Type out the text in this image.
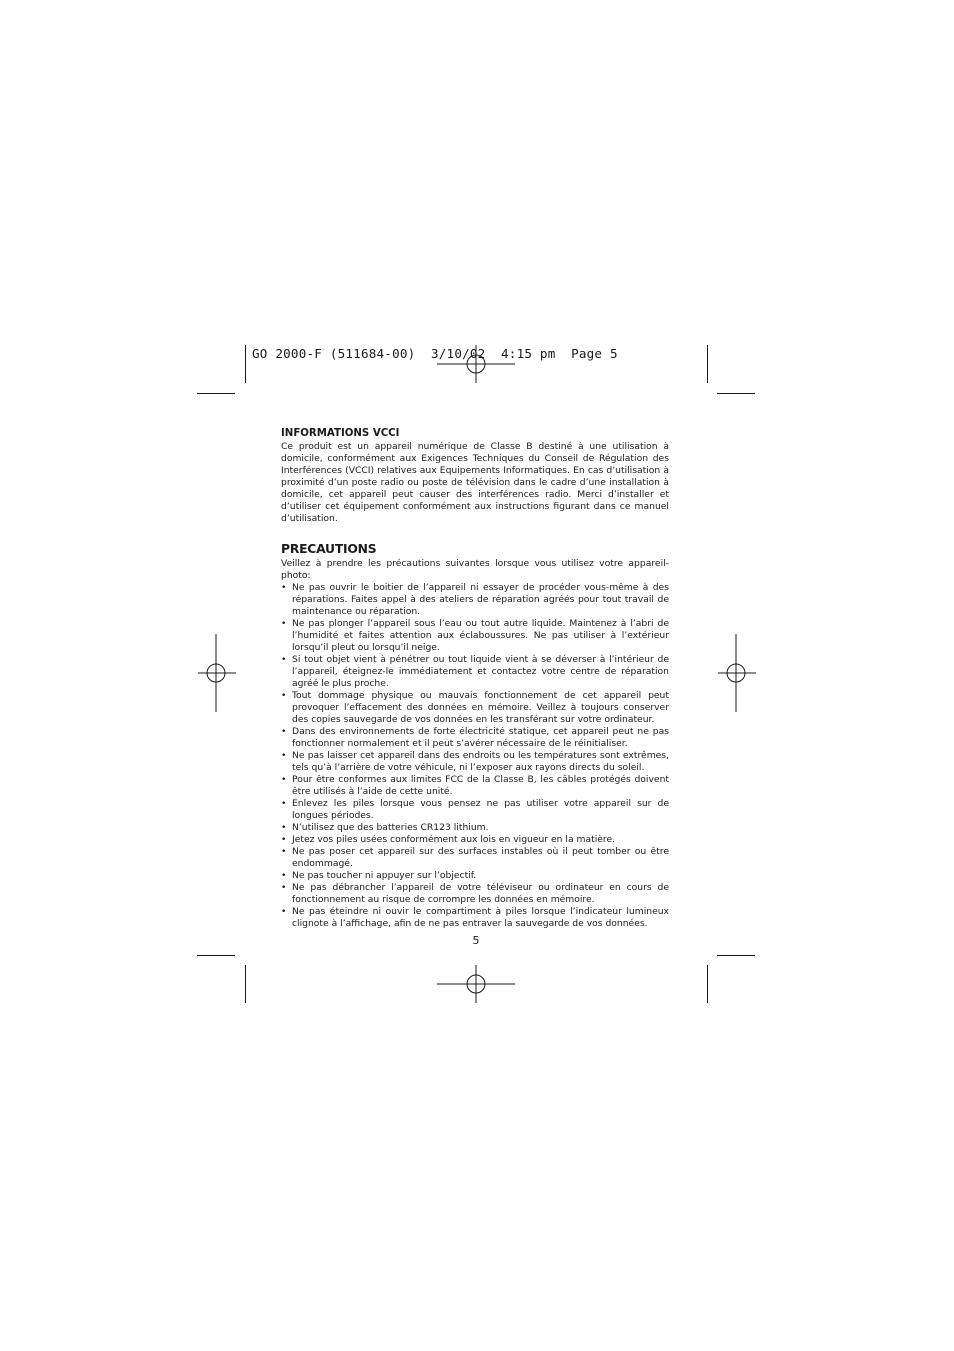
GO 2000-F (511684-00)  3/10/02  4:15 pm  Page 5
INFORMATIONS VCCI

Ce produit est un appareil numérique de Classe B destiné à une utilisation à domicile, conformément aux Exigences Techniques du Conseil de Régulation des Interférences (VCCI) relatives aux Equipements Informatiques. En cas d’utilisation à proximité d’un poste radio ou poste de télévision dans le cadre d’une installation à domicile, cet appareil peut causer des interférences radio. Merci d’installer et d’utiliser cet équipement conformément aux instructions figurant dans ce manuel d’utilisation.

PRECAUTIONS

Veillez à prendre les précautions suivantes lorsque vous utilisez votre appareil-photo:

• Ne pas ouvrir le boitier de l’appareil ni essayer de procéder vous-même à des réparations. Faites appel à des ateliers de réparation agréés pour tout travail de maintenance ou réparation.
• Ne pas plonger l’appareil sous l’eau ou tout autre liquide. Maintenez à l’abri de l’humidité et faites attention aux éclaboussures. Ne pas utiliser à l’extérieur lorsqu’il pleut ou lorsqu’il neige.
• Si tout objet vient à pénétrer ou tout liquide vient à se déverser à l’intérieur de l’appareil, éteignez-le immédiatement et contactez votre centre de réparation agréé le plus proche.
• Tout dommage physique ou mauvais fonctionnement de cet appareil peut provoquer l’effacement des données en mémoire. Veillez à toujours conserver des copies sauvegarde de vos données en les transférant sur votre ordinateur.
• Dans des environnements de forte électricité statique, cet appareil peut ne pas fonctionner normalement et il peut s’avérer nécessaire de le réinitialiser.
• Ne pas laisser cet appareil dans des endroits ou les températures sont extrêmes, tels qu’à l’arrière de votre véhicule, ni l’exposer aux rayons directs du soleil.
• Pour être conformes aux limites FCC de la Classe B, les câbles protégés doivent être utilisés à l’aide de cette unité.
• Enlevez les piles lorsque vous pensez ne pas utiliser votre appareil sur de longues périodes.
• N’utilisez que des batteries CR123 lithium.
• Jetez vos piles usées conformément aux lois en vigueur en la matière.
• Ne pas poser cet appareil sur des surfaces instables où il peut tomber ou être endommagé.
• Ne pas toucher ni appuyer sur l’objectif.
• Ne pas débrancher l’appareil de votre téléviseur ou ordinateur en cours de fonctionnement au risque de corrompre les données en mémoire.
• Ne pas éteindre ni ouvir le compartiment à piles lorsque l’indicateur lumineux clignote à l’affichage, afin de ne pas entraver la sauvegarde de vos données.
5
